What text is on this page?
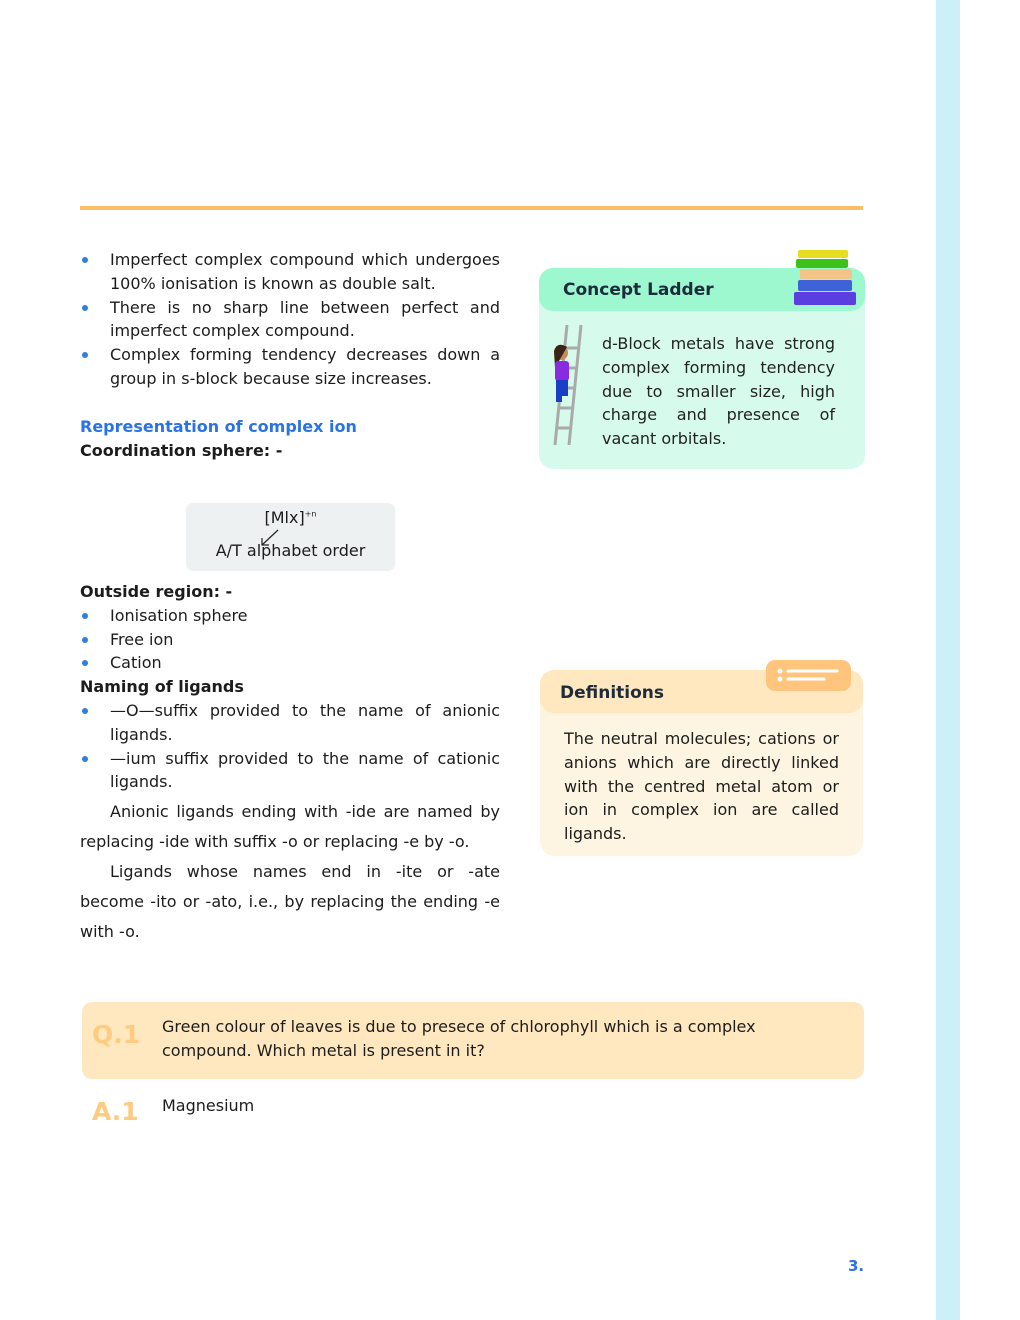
Imperfect complex compound which undergoes 100% ionisation is known as double salt.
There is no sharp line between perfect and imperfect complex compound.
Complex forming tendency decreases down a group in s-block because size increases.
Representation of complex ion
Coordination sphere: -
[Mlx]$^{+n}$
A/T alphabet order
Outside region: -
Ionisation sphere
Free ion
Cation
Naming of ligands
—O—suffix provided to the name of anionic ligands.
—ium suffix provided to the name of cationic ligands.

Anionic ligands ending with -ide are named by replacing -ide with suffix -o or replacing -e by -o.

Ligands whose names end in -ite or -ate become -ito or -ato, i.e., by replacing the ending -e with -o.

Concept Ladder
d-Block metals have strong complex forming tendency due to smaller size, high charge and presence of vacant orbitals.
Definitions
The neutral molecules; cations or anions which are directly linked with the centred metal atom or ion in complex ion are called ligands.
Q.1 Green colour of leaves is due to presece of chlorophyll which is a complex compound. Which metal is present in it?
A.1 Magnesium
3.
